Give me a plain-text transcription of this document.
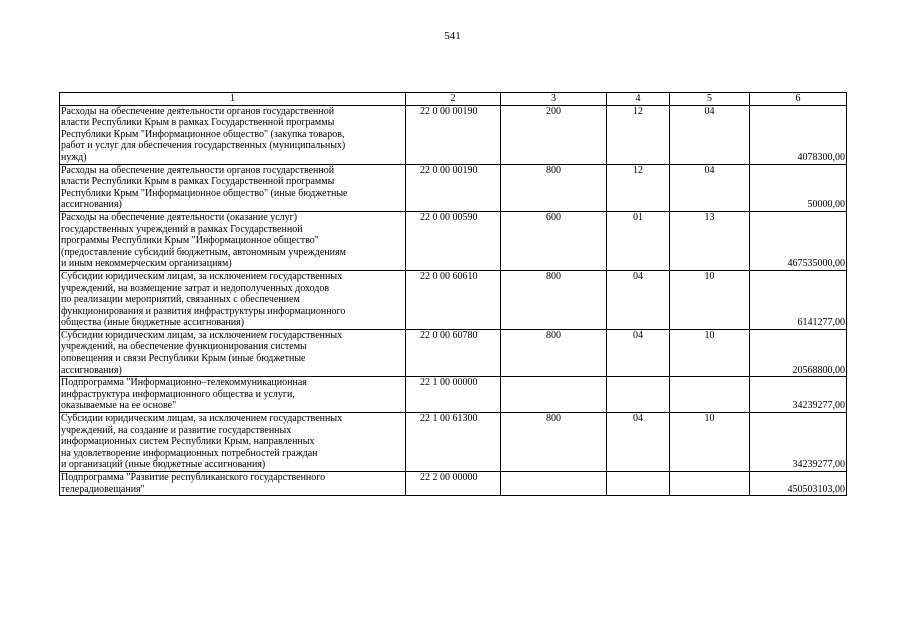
541
1	2	3	4	5	6

Расходы на обеспечение деятельности органов государственной
власти Республики Крым в рамках Государственной программы
Республики Крым "Информационное общество" (закупка товаров,
работ и услуг для обеспечения государственных (муниципальных)
нужд)	22 0 00 00190	200	12	04	4078300,00

Расходы на обеспечение деятельности органов государственной
власти Республики Крым в рамках Государственной программы
Республики Крым "Информационное общество" (иные бюджетные
ассигнования)	22 0 00 00190	800	12	04	50000,00

Расходы на обеспечение деятельности (оказание услуг)
государственных учреждений в рамках Государственной
программы Республики Крым "Информационное общество"
(предоставление субсидий бюджетным, автономным учреждениям
и иным некоммерческим организациям)	22 0 00 00590	600	01	13	467535000,00

Субсидии юридическим лицам, за исключением государственных
учреждений, на возмещение затрат и недополученных доходов
по реализации мероприятий, связанных с обеспечением
функционирования и развития инфраструктуры информационного
общества (иные бюджетные ассигнования)	22 0 00 60610	800	04	10	6141277,00

Субсидии юридическим лицам, за исключением государственных
учреждений, на обеспечение функционирования системы
оповещения и связи Республики Крым (иные бюджетные
ассигнования)	22 0 00 60780	800	04	10	20568800,00

Подпрограмма "Информационно–телекоммуникационная
инфраструктура информационного общества и услуги,
оказываемые на ее основе"	22 1 00 00000				34239277,00

Субсидии юридическим лицам, за исключением государственных
учреждений, на создание и развитие государственных
информационных систем Республики Крым, направленных
на удовлетворение информационных потребностей граждан
и организаций (иные бюджетные ассигнования)	22 1 00 61300	800	04	10	34239277,00

Подпрограмма "Развитие республиканского государственного
телерадиовещания"	22 2 00 00000				450503103,00
